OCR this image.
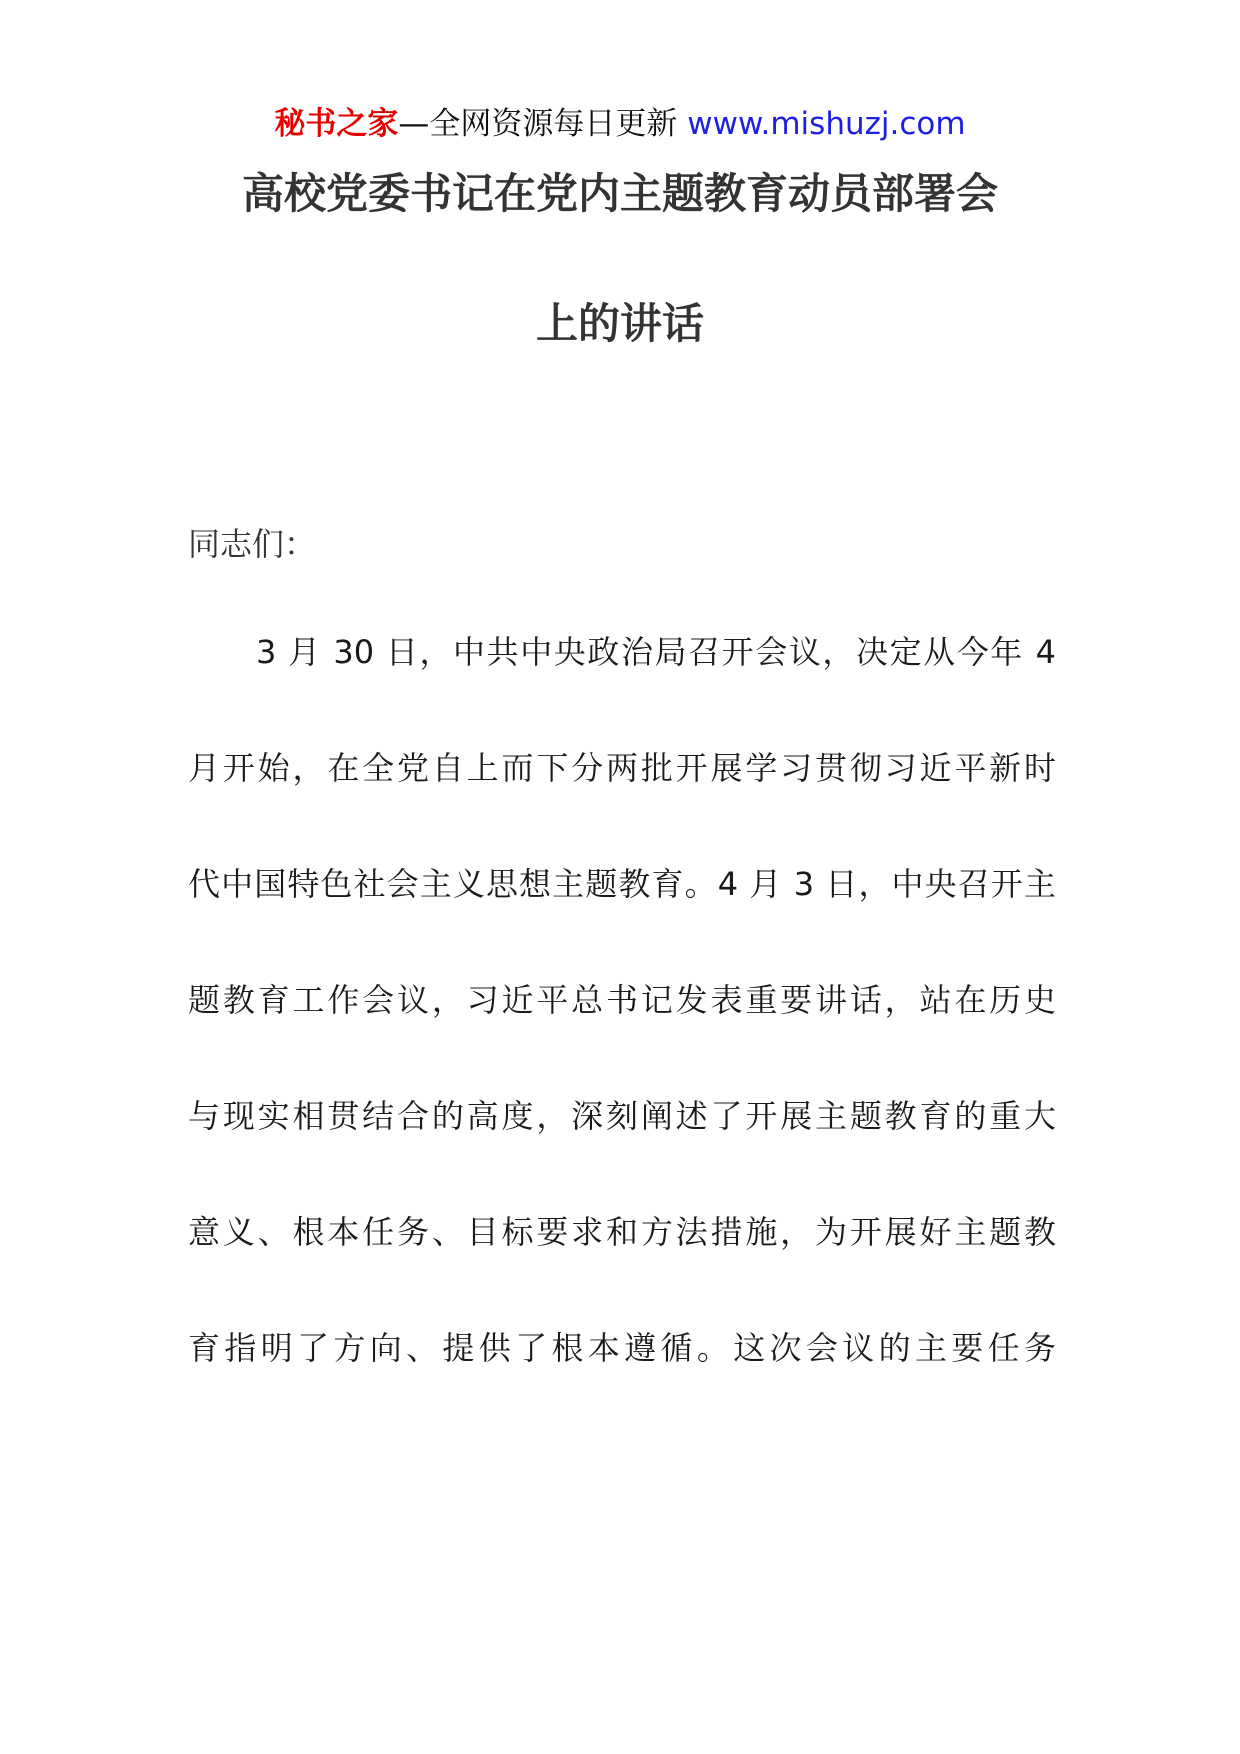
秘书之家—全网资源每日更新 www.mishuzj.com
高校党委书记在党内主题教育动员部署会
上的讲话
同志们：
3 月 30 日，中共中央政治局召开会议，决定从今年 4
月开始，在全党自上而下分两批开展学习贯彻习近平新时
代中国特色社会主义思想主题教育。4 月 3 日，中央召开主
题教育工作会议，习近平总书记发表重要讲话，站在历史
与现实相贯结合的高度，深刻阐述了开展主题教育的重大
意义、根本任务、目标要求和方法措施，为开展好主题教
育指明了方向、提供了根本遵循。这次会议的主要任务
